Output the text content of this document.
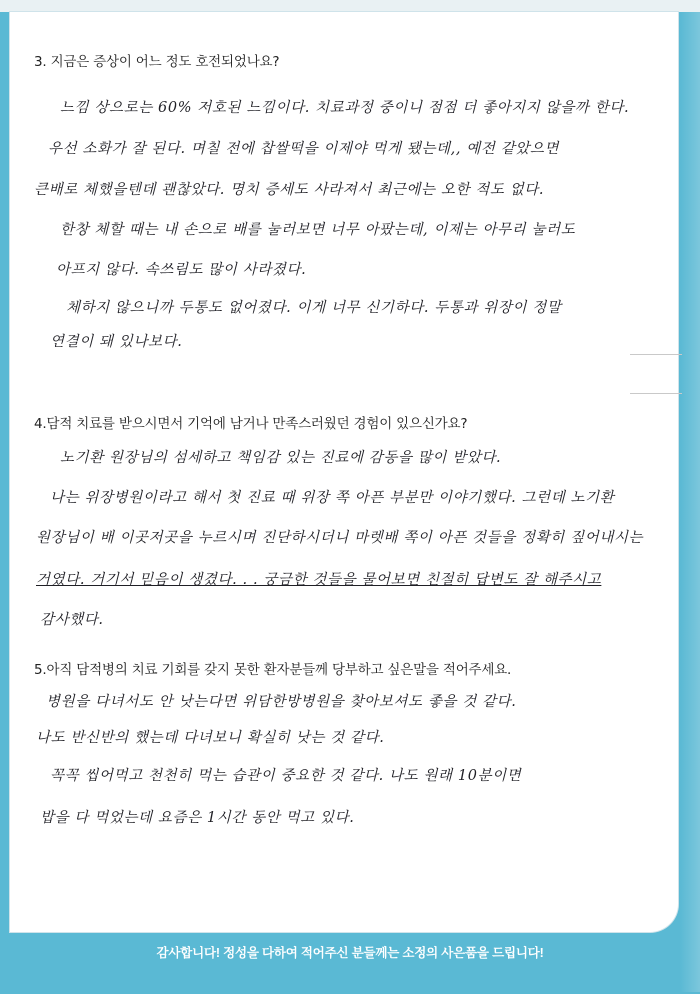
3. 지금은 증상이 어느 정도 호전되었나요?
느낌 상으로는 60% 저호된 느낌이다. 치료과정 중이니 점점 더 좋아지지 않을까 한다.
우선 소화가 잘 된다. 며칠 전에 찹쌀떡을 이제야 먹게 됐는데,, 예전 같았으면
큰배로 체했을텐데 괜찮았다. 명치 증세도 사라져서 최근에는 오한 적도 없다.
한창 체할 때는 내 손으로 배를 눌러보면 너무 아팠는데, 이제는 아무리 눌러도
아프지 않다. 속쓰림도 많이 사라졌다.
체하지 않으니까 두통도 없어졌다. 이게 너무 신기하다. 두통과 위장이 정말
연결이 돼 있나보다.
4.담적 치료를 받으시면서 기억에 남거나 만족스러웠던 경험이 있으신가요?
노기환 원장님의 섬세하고 책임감 있는 진료에 감동을 많이 받았다.
나는 위장병원이라고 해서 첫 진료 때 위장 쪽 아픈 부분만 이야기했다. 그런데 노기환
원장님이 배 이곳저곳을 누르시며 진단하시더니 마렛배 쪽이 아픈 것들을 정확히 짚어내시는
거였다. 거기서 믿음이 생겼다. . . 궁금한 것들을 물어보면 친절히 답변도 잘 해주시고
감사했다.
5.아직 담적병의 치료 기회를 갖지 못한 환자분들께 당부하고 싶은말을 적어주세요.
병원을 다녀서도 안 낫는다면 위담한방병원을 찾아보셔도 좋을 것 같다.
나도 반신반의 했는데 다녀보니 확실히 낫는 것 같다.
꼭꼭 씹어먹고 천천히 먹는 습관이 중요한 것 같다. 나도 원래 10분이면
밥을 다 먹었는데 요즘은 1시간 동안 먹고 있다.
감사합니다! 정성을 다하여 적어주신 분들께는 소정의 사은품을 드립니다!
